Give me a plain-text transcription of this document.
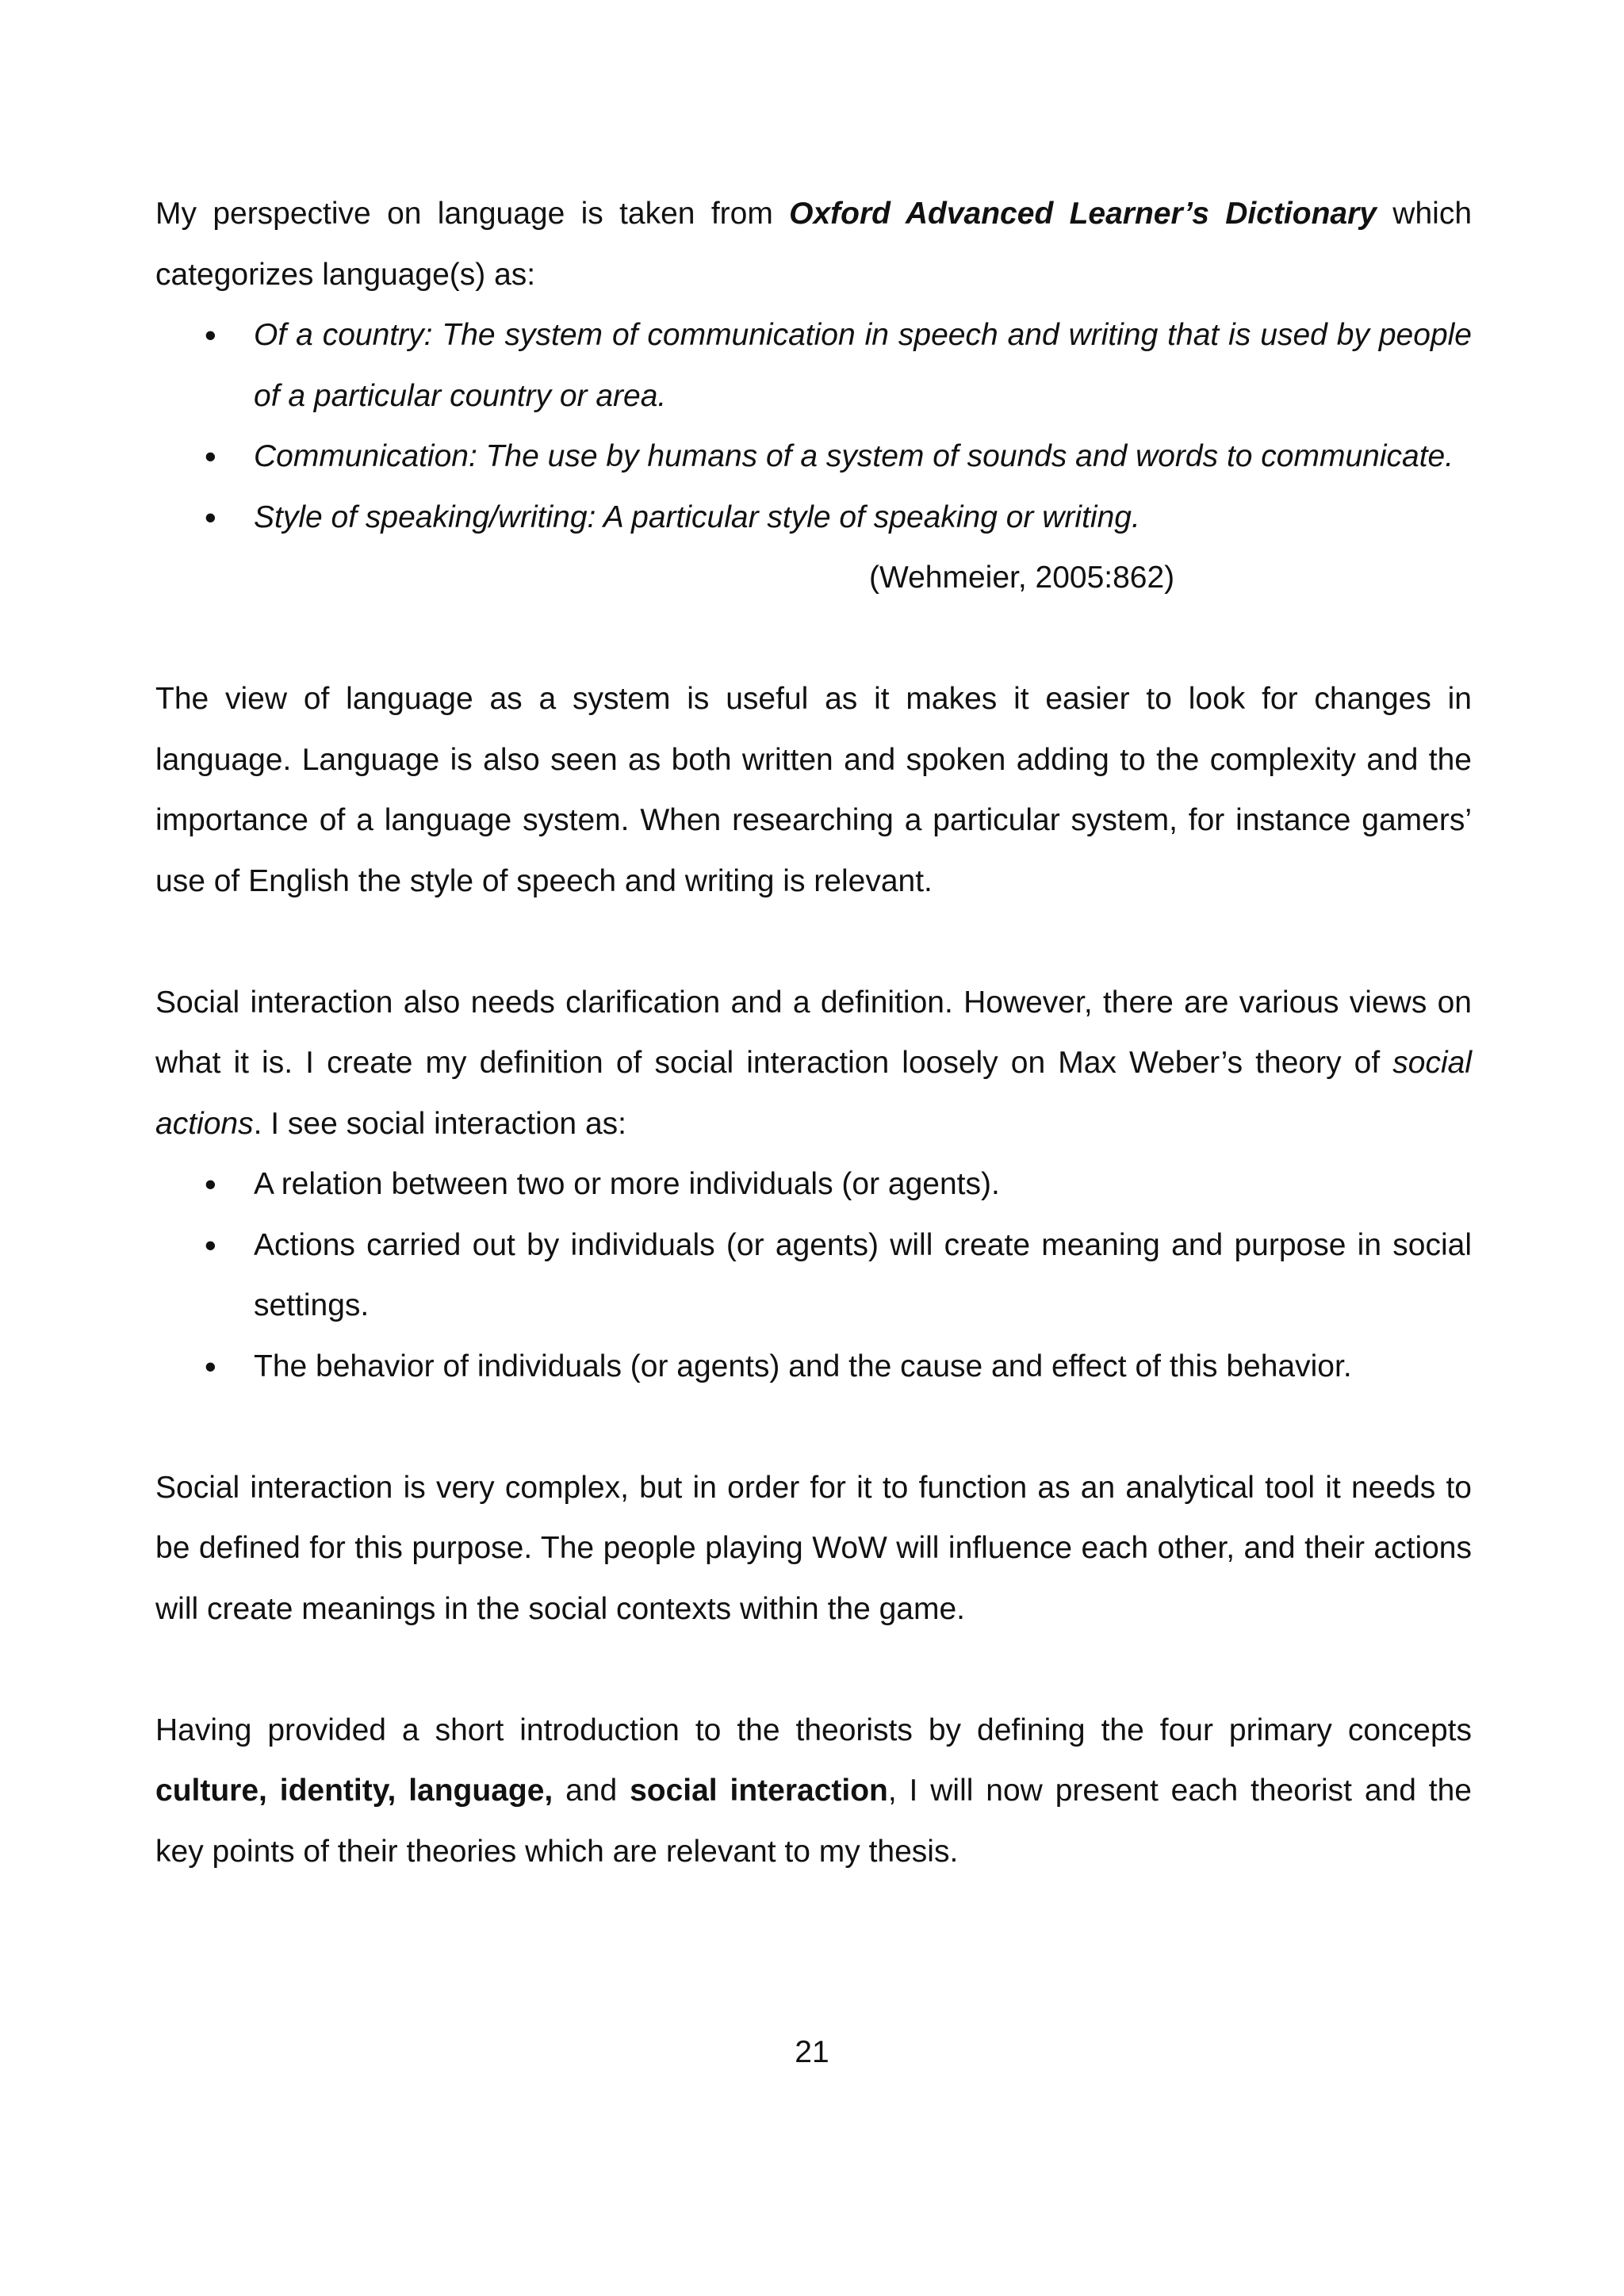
My perspective on language is taken from Oxford Advanced Learner’s Dictionary which categorizes language(s) as:

• Of a country: The system of communication in speech and writing that is used by people of a particular country or area.
• Communication: The use by humans of a system of sounds and words to communicate.
• Style of speaking/writing: A particular style of speaking or writing.

(Wehmeier, 2005:862)

The view of language as a system is useful as it makes it easier to look for changes in language. Language is also seen as both written and spoken adding to the complexity and the importance of a language system. When researching a particular system, for instance gamers’ use of English the style of speech and writing is relevant.

Social interaction also needs clarification and a definition. However, there are various views on what it is. I create my definition of social interaction loosely on Max Weber’s theory of social actions. I see social interaction as:

• A relation between two or more individuals (or agents).
• Actions carried out by individuals (or agents) will create meaning and purpose in social settings.
• The behavior of individuals (or agents) and the cause and effect of this behavior.

Social interaction is very complex, but in order for it to function as an analytical tool it needs to be defined for this purpose. The people playing WoW will influence each other, and their actions will create meanings in the social contexts within the game.

Having provided a short introduction to the theorists by defining the four primary concepts culture, identity, language, and social interaction, I will now present each theorist and the key points of their theories which are relevant to my thesis.

21
